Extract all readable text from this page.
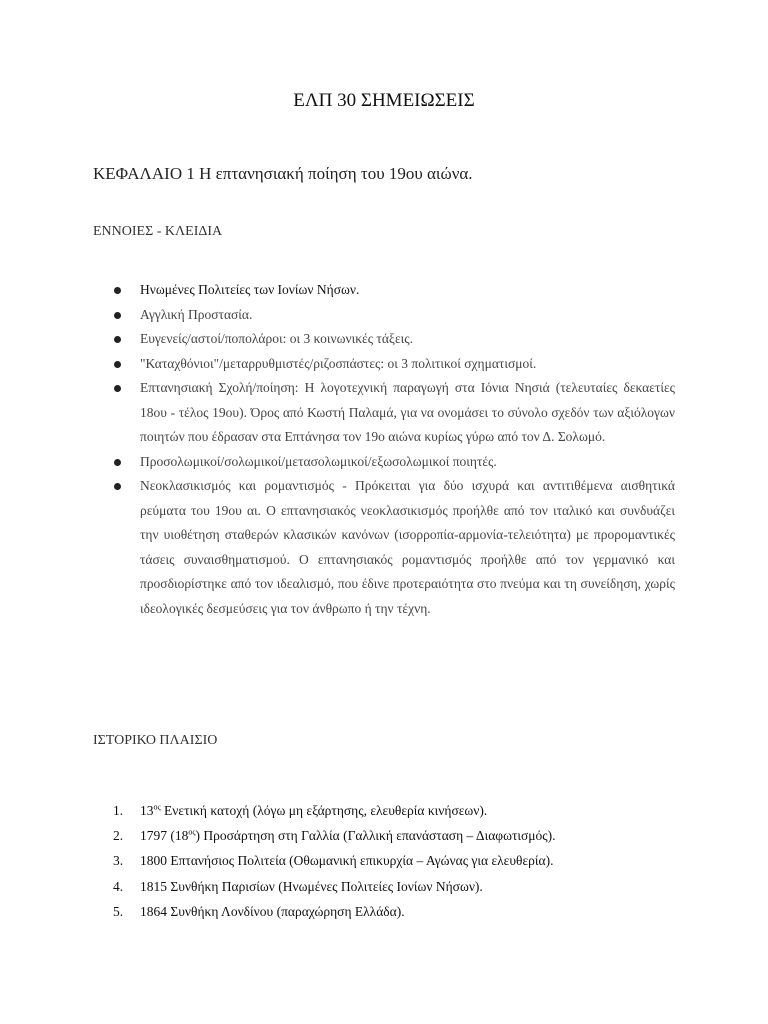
ΕΛΠ 30 ΣΗΜΕΙΩΣΕΙΣ
ΚΕΦΑΛΑΙΟ 1 Η επτανησιακή ποίηση του 19ου αιώνα.
ΕΝΝΟΙΕΣ - ΚΛΕΙΔΙΑ
Ηνωμένες Πολιτείες των Ιονίων Νήσων.
Αγγλική Προστασία.
Ευγενείς/αστοί/ποπολάροι: οι 3 κοινωνικές τάξεις.
"Καταχθόνιοι"/μεταρρυθμιστές/ριζοσπάστες: οι 3 πολιτικοί σχηματισμοί.
Επτανησιακή Σχολή/ποίηση: Η λογοτεχνική παραγωγή στα Ιόνια Νησιά (τελευταίες δεκαετίες 18ου - τέλος 19ου). Όρος από Κωστή Παλαμά, για να ονομάσει το σύνολο σχεδόν των αξιόλογων ποιητών που έδρασαν στα Επτάνησα τον 19ο αιώνα κυρίως γύρω από τον Δ. Σολωμό.
Προσολωμικοί/σολωμικοί/μετασολωμικοί/εξωσολωμικοί ποιητές.
Νεοκλασικισμός και ρομαντισμός - Πρόκειται για δύο ισχυρά και αντιτιθέμενα αισθητικά ρεύματα του 19ου αι. Ο επτανησιακός νεοκλασικισμός προήλθε από τον ιταλικό και συνδυάζει την υιοθέτηση σταθερών κλασικών κανόνων (ισορροπία-αρμονία-τελειότητα) με προρομαντικές τάσεις συναισθηματισμού. Ο επτανησιακός ρομαντισμός προήλθε από τον γερμανικό και προσδιορίστηκε από τον ιδεαλισμό, που έδινε προτεραιότητα στο πνεύμα και τη συνείδηση, χωρίς ιδεολογικές δεσμεύσεις για τον άνθρωπο ή την τέχνη.
ΙΣΤΟΡΙΚΟ ΠΛΑΙΣΙΟ
1.	$13^{o\varsigma}$ Ενετική κατοχή (λόγω μη εξάρτησης, ελευθερία κινήσεων).
2.	1797 $(18^{o\varsigma})$ Προσάρτηση στη Γαλλία (Γαλλική επανάσταση – Διαφωτισμός).
3.	1800 Επτανήσιος Πολιτεία (Οθωμανική επικυρχία – Αγώνας για ελευθερία).
4.	1815 Συνθήκη Παρισίων (Ηνωμένες Πολιτείες Ιονίων Νήσων).
5.	1864 Συνθήκη Λονδίνου (παραχώρηση Ελλάδα).
